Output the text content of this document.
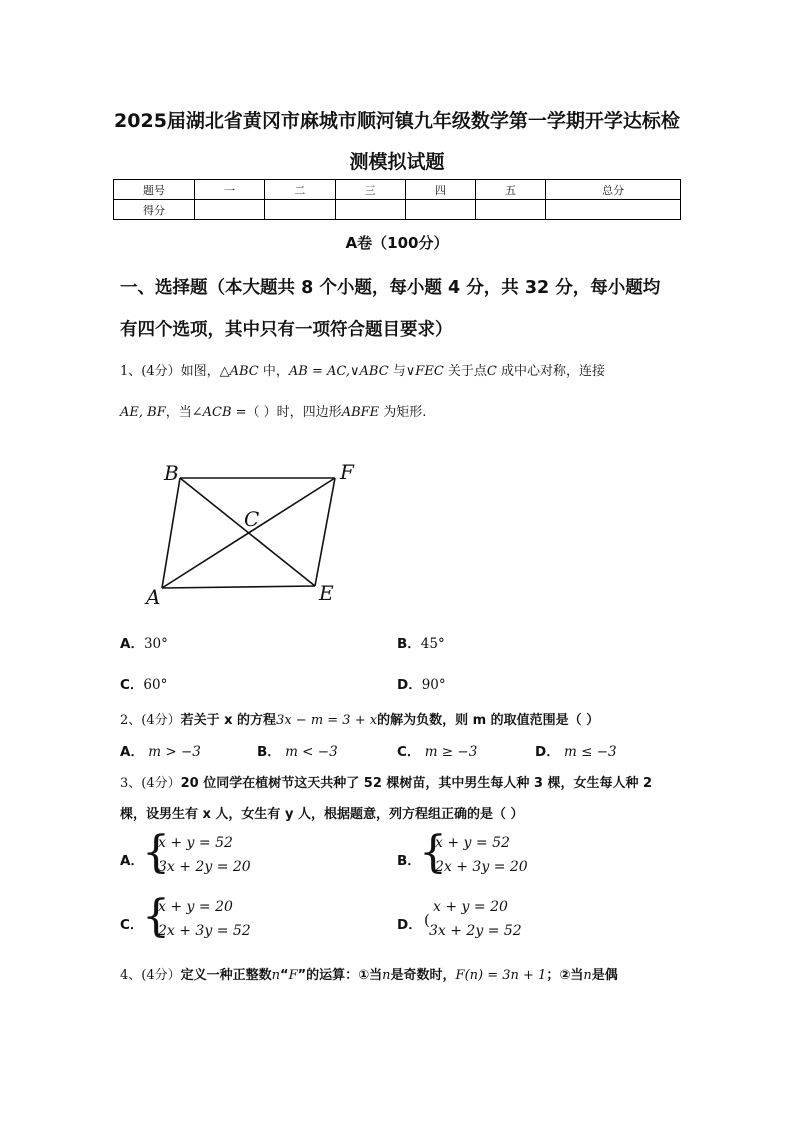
2025届湖北省黄冈市麻城市顺河镇九年级数学第一学期开学达标检
测模拟试题
题号	一	二	三	四	五	总分
得分						
A卷（100分）
一、选择题（本大题共 8 个小题，每小题 4 分，共 32 分，每小题均
有四个选项，其中只有一项符合题目要求）
1、(4分）如图，△ABC 中，AB = AC,∨ABC 与∨FEC 关于点C 成中心对称，连接
AE, BF，当∠ACB =（ ）时，四边形ABFE 为矩形.
B	F
C
A	E
A．30°	B．45°
C．60°	D．90°
2、(4分）若关于 x 的方程3x − m = 3 + x的解为负数，则 m 的取值范围是（ ）
A． m > −3	B． m < −3	C． m ≥ −3	D． m ≤ −3
3、(4分）20 位同学在植树节这天共种了 52 棵树苗，其中男生每人种 3 棵，女生每人种 2
棵，设男生有 x 人，女生有 y 人，根据题意，列方程组正确的是（ ）
A．
{
x + y = 52
3x + 2y = 20	B．
{
x + y = 52
2x + 3y = 20
C．
{
x + y = 20
2x + 3y = 52	D． (
x + y = 20
3x + 2y = 52
4、(4分）定义一种正整数n“F”的运算：①当n是奇数时，F(n) = 3n + 1；②当n是偶
